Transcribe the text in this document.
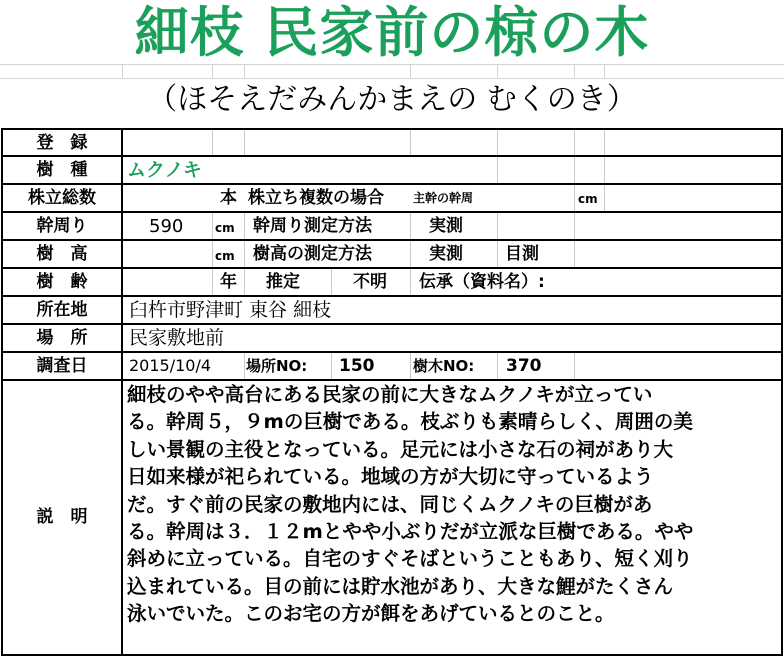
細枝 民家前の椋の木
（ほそえだみんかまえの むくのき）
登　録
樹　種	ムクノキ
株立総数	本 株立ち複数の場合	主幹の幹周	cm
幹周り	590	cm	幹周り測定方法	実測
樹　高	cm	樹高の測定方法	実測	目測
樹　齢	年	推定	不明	伝承（資料名）:
所在地	臼杵市野津町 東谷 細枝
場　所	民家敷地前
調査日	2015/10/4	場所NO:	150	樹木NO:	370
説　明
細枝のやや高台にある民家の前に大きなムクノキが立ってい
る。幹周５，９mの巨樹である。枝ぶりも素晴らしく、周囲の美
しい景観の主役となっている。足元には小さな石の祠があり大
日如来様が祀られている。地域の方が大切に守っているよう
だ。すぐ前の民家の敷地内には、同じくムクノキの巨樹があ
る。幹周は３．１２mとやや小ぶりだが立派な巨樹である。やや
斜めに立っている。自宅のすぐそばということもあり、短く刈り
込まれている。目の前には貯水池があり、大きな鯉がたくさん
泳いでいた。このお宅の方が餌をあげているとのこと。
